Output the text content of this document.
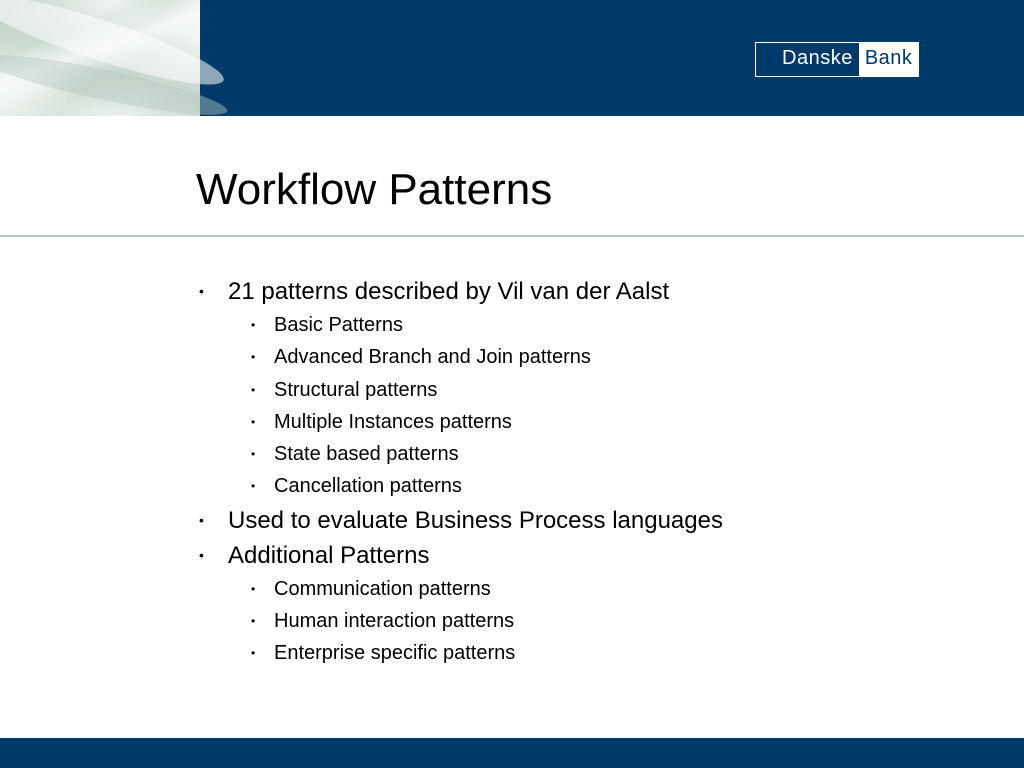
Danske Bank
Workflow Patterns
• 21 patterns described by Vil van der Aalst
• Basic Patterns
• Advanced Branch and Join patterns
• Structural patterns
• Multiple Instances patterns
• State based patterns
• Cancellation patterns
• Used to evaluate Business Process languages
• Additional Patterns
• Communication patterns
• Human interaction patterns
• Enterprise specific patterns
